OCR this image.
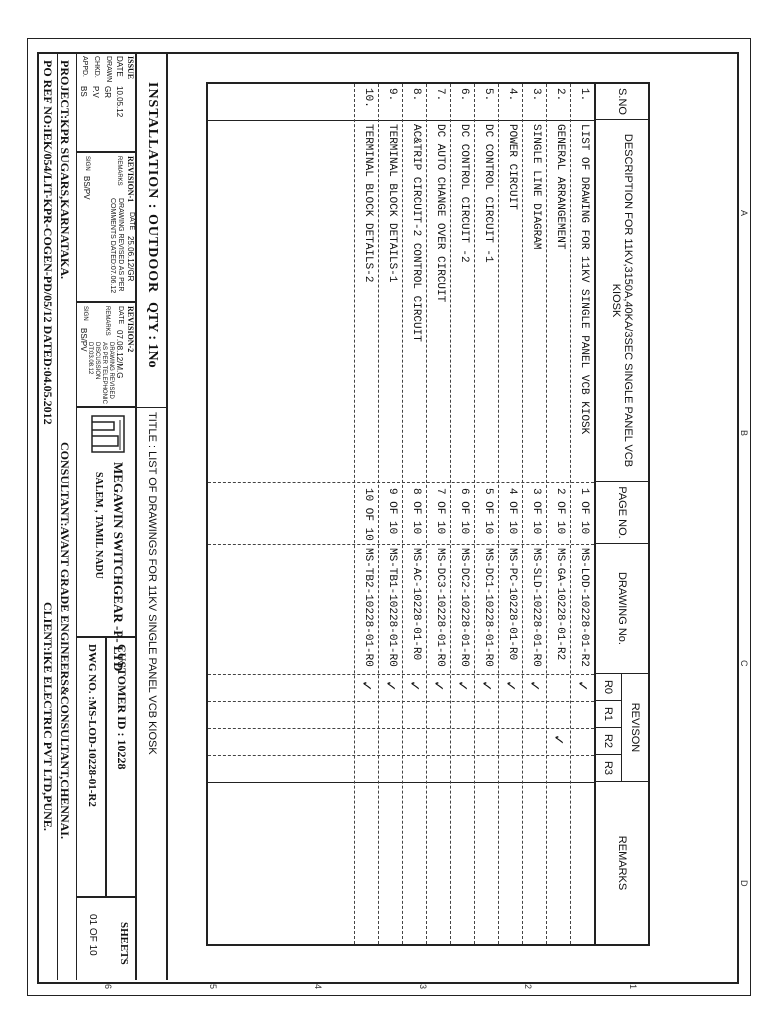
A
B
C
D
1
2
3
4
5
6
S.NO
DESCRIPTION FOR 11KV,3150A,40KA/3SEC SINGLE PANEL VCB KIOSK
PAGE NO.
DRAWING No.
REVISON
R0
R1
R2
R3
REMARKS
1.
LIST OF DRAWING FOR 11KV SINGLE PANEL VCB KIOSK
1 OF 10
MS-LOD-10228-01-R2
✓
2.
GENERAL ARRANGEMENT
2 OF 10
MS-GA-10228-01-R2
✓
3.
SINGLE LINE DIAGRAM
3 OF 10
MS-SLD-10228-01-R0
✓
4.
POWER CIRCUIT
4 OF 10
MS-PC-10228-01-R0
✓
5.
DC CONTROL CIRCUIT -1
5 OF 10
MS-DC1-10228-01-R0
✓
6.
DC CONTROL CIRCUIT -2
6 OF 10
MS-DC2-10228-01-R0
✓
7.
DC AUTO CHANGE OVER CIRCUIT
7 OF 10
MS-DC3-10228-01-R0
✓
8.
AC&TRIP CIRCUIT-2 CONTROL CIRCUIT
8 OF 10
MS-AC-10228-01-R0
✓
9.
TERMINAL BLOCK DETAILS-1
9 OF 10
MS-TB1-10228-01-R0
✓
10.
TERMINAL BLOCK DETAILS-2
10 OF 10
MS-TB2-10228-01-R0
✓
INSTALLATION : OUTDOOR
QTY : 1No
TITLE : LIST OF DRAWINGS FOR 11KV SINGLE PANEL VCB KIOSK
ISSUE
DATE
10.05.12
DRAWN
GR
CHKD.
P.V
APPD.
BS
REVISION-1
DATE
25.06.12/GR
REMARKS
DRAWING REVISED AS PER COMMENTS DATED:07.06.12
SIGN
BS/PV
REVISION-2
DATE
07.08.12/M.G
REMARKS
DRAWING REVISED AS PER TELEPHONIC DISCUSSION DT:03.08.12
SIGN
BS/PV
MEGAWIN SWITCHGEAR -P- LTD
SALEM , TAMIL NADU
CUSTOMER ID : 10228
DWG NO. :MS-LOD-10228-01-R2
SHEETS
01 OF 10
PROJECT:KPR SUGARS,KARNATAKA.
CONSULTANT:AVANT GRADE ENGINEERS&CONSULTANT,CHENNAI.
PO REF NO:IEK/054/LIT-KPR-COGEN-PD/05/12 DATED:04.05.2012
CLIENT:IKE ELECTRIC PVT LTD,PUNE.
